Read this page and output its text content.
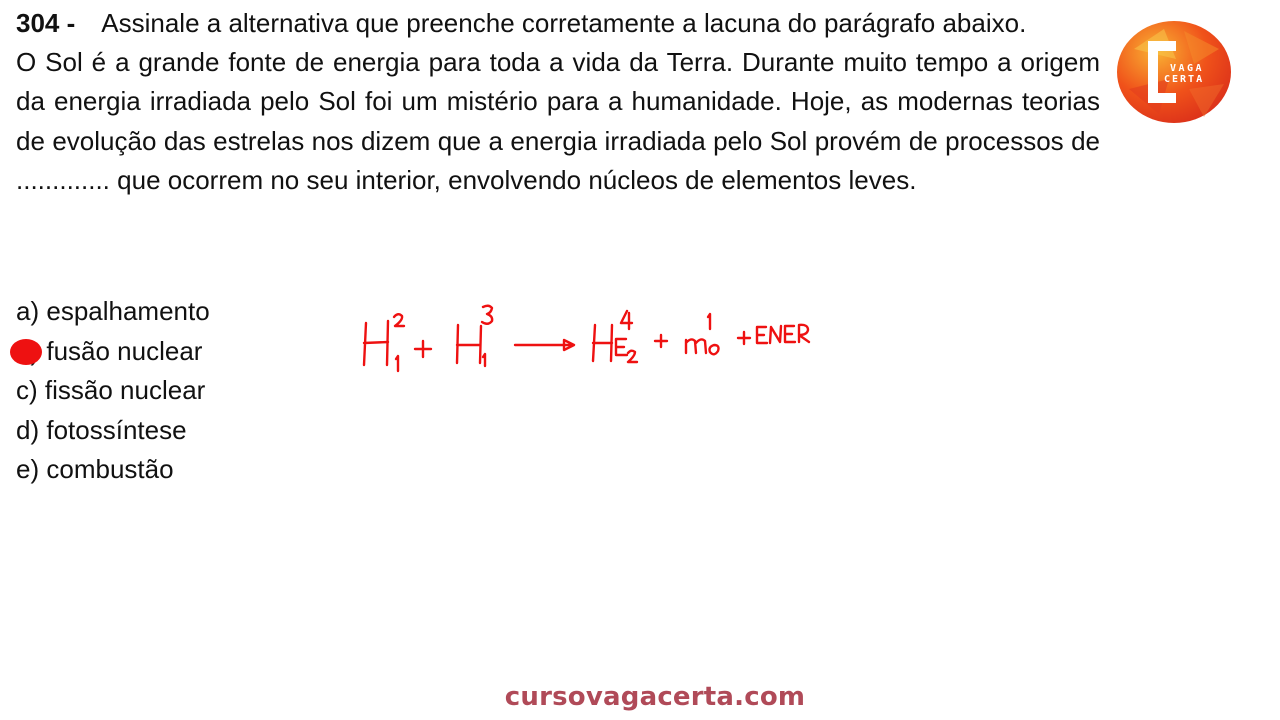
304 - Assinale a alternativa que preenche corretamente a lacuna do parágrafo abaixo.

O Sol é a grande fonte de energia para toda a vida da Terra. Durante muito tempo a origem da energia irradiada pelo Sol foi um mistério para a humanidade. Hoje, as modernas teorias de evolução das estrelas nos dizem que a energia irradiada pelo Sol provém de processos de ............. que ocorrem no seu interior, envolvendo núcleos de elementos leves.

a) espalhamento
fusão nuclear
c) fissão nuclear
d) fotossíntese
e) combustão
VAGA
CERTA
cursovagacerta.com
